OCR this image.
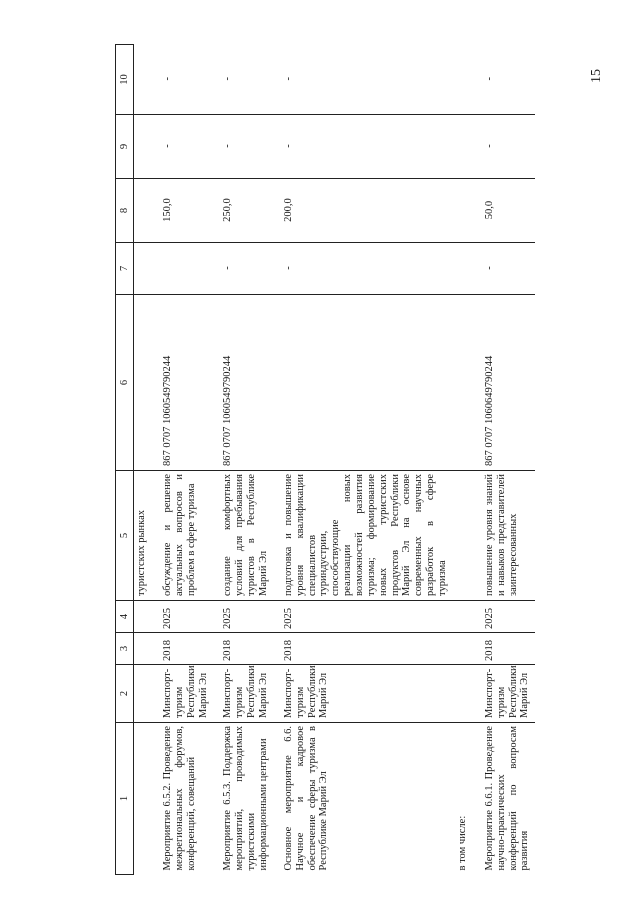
15
1	2	3	4	5	6	7	8	9	10
				туристских рынках					
Мероприятие 6.5.2. Проведение межрегиональных форумов, конференций, совещаний	Минспорт-туризм Республики Марий Эл	2018	2025	обсуждение и решение актуальных вопросов и проблем в сфере туризма	867 0707 1060549790244		150,0	-	-
Мероприятие 6.5.3. Поддержка мероприятий, проводимых туристскими информационными центрами	Минспорт-туризм Республики Марий Эл	2018	2025	создание комфортных условий для пребывания туристов в Республике Марий Эл	867 0707 1060549790244	-	250,0	-	-
Основное мероприятие 6.6. Научное и кадровое обеспечение сферы туризма в Республике Марий Эл	Минспорт-туризм Республики Марий Эл	2018	2025	подготовка и повышение уровня квалификации специалистов туриндустрии, способствующие реализации новых возможностей развития туризма; формирование новых туристских продуктов Республики Марий Эл на основе современных научных разработок в сфере туризма		-	200,0	-	-
в том числе:									
Мероприятие 6.6.1. Проведение научно-практических конференций по вопросам развития	Минспорт-туризм Республики Марий Эл	2018	2025	повышение уровня знаний и навыков представителей заинтересованных	867 0707 1060649790244	-	50,0	-	-
